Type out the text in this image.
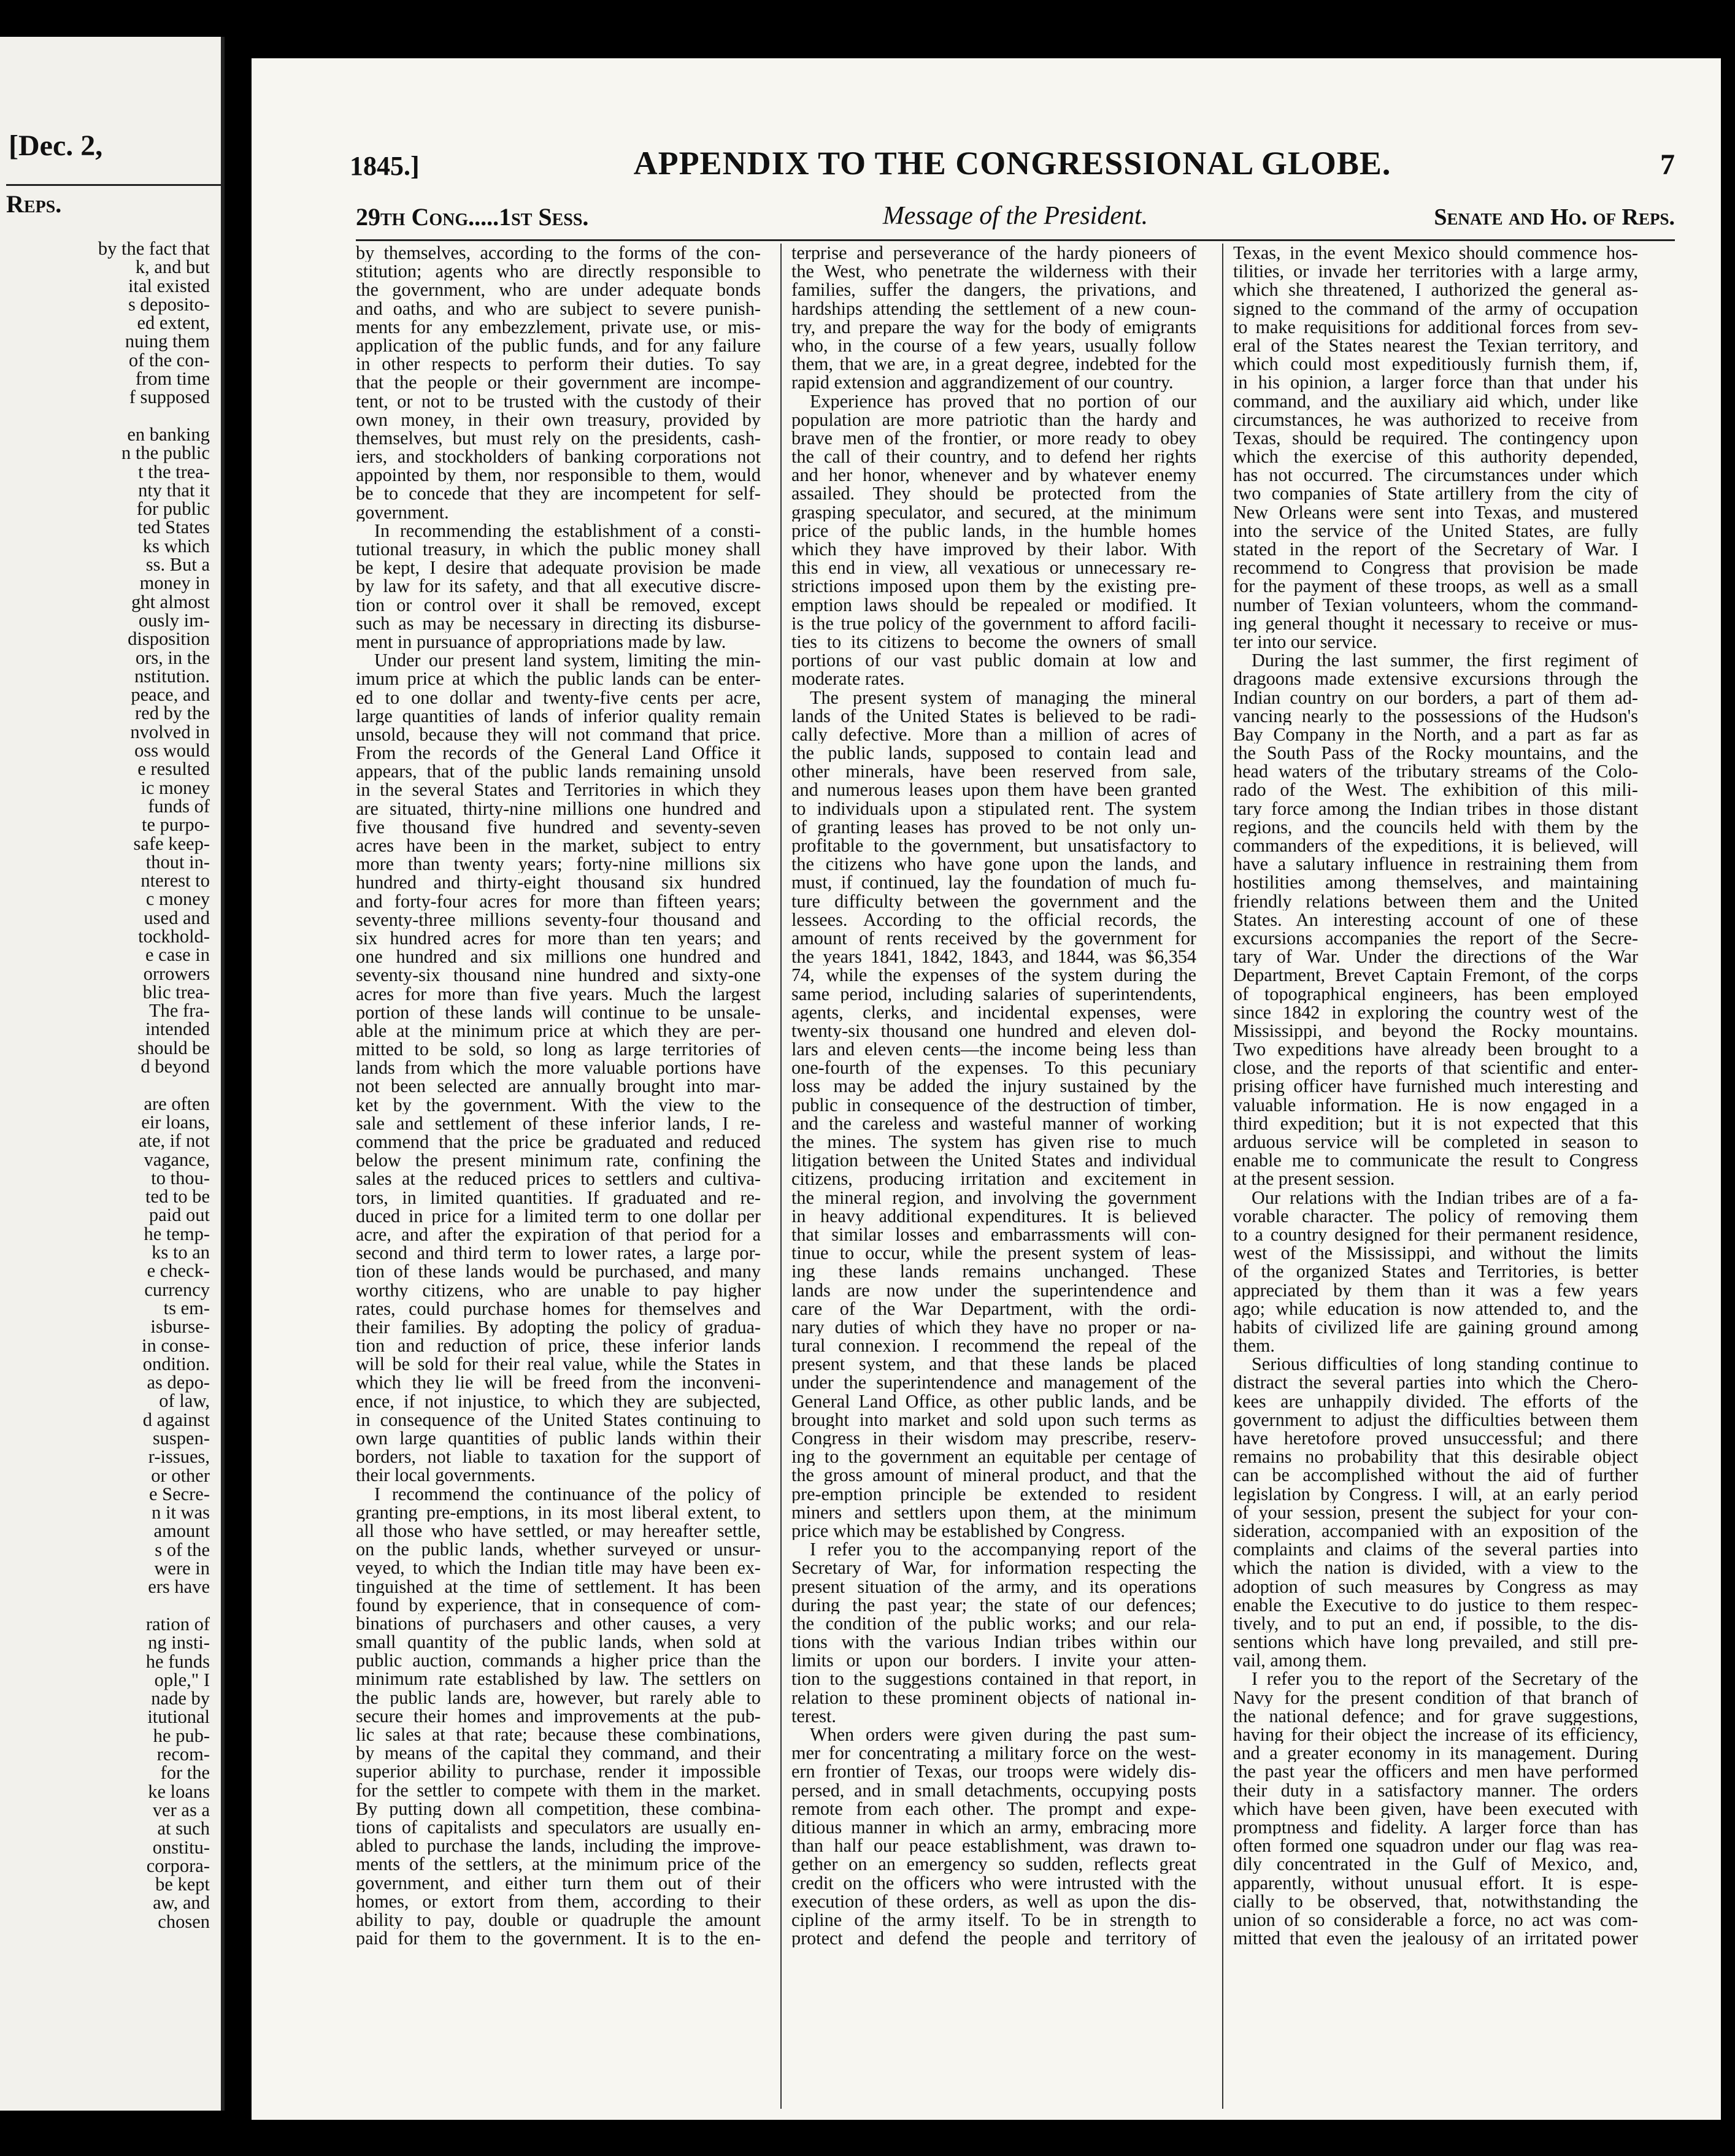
[Dec. 2,
Reps.
by the fact that
k, and but
ital existed
s deposito-
ed extent,
nuing them
of the con-
from time
f supposed
en banking
n the public
t the trea-
nty that it
for public
ted States
ks which
ss. But a
money in
ght almost
ously im-
disposition
ors, in the
nstitution.
peace, and
red by the
nvolved in
oss would
e resulted
ic money
funds of
te purpo-
safe keep-
thout in-
nterest to
c money
used and
tockhold-
e case in
orrowers
blic trea-
The fra-
intended
should be
d beyond
are often
eir loans,
ate, if not
vagance,
to thou-
ted to be
paid out
he temp-
ks to an
e check-
currency
ts em-
isburse-
in conse-
ondition.
as depo-
of law,
d against
suspen-
r-issues,
or other
e Secre-
n it was
amount
s of the
were in
ers have
ration of
ng insti-
he funds
ople," I
nade by
itutional
he pub-
recom-
for the
ke loans
ver as a
at such
onstitu-
corpora-
be kept
aw, and
chosen
1845.]	APPENDIX TO THE CONGRESSIONAL GLOBE.	7
29th Cong.....1st Sess.	Message of the President.	Senate and Ho. of Reps.
by themselves, according to the forms of the con-
stitution; agents who are directly responsible to
the government, who are under adequate bonds
and oaths, and who are subject to severe punish-
ments for any embezzlement, private use, or mis-
application of the public funds, and for any failure
in other respects to perform their duties. To say
that the people or their government are incompe-
tent, or not to be trusted with the custody of their
own money, in their own treasury, provided by
themselves, but must rely on the presidents, cash-
iers, and stockholders of banking corporations not
appointed by them, nor responsible to them, would
be to concede that they are incompetent for self-
government.
In recommending the establishment of a consti-
tutional treasury, in which the public money shall
be kept, I desire that adequate provision be made
by law for its safety, and that all executive discre-
tion or control over it shall be removed, except
such as may be necessary in directing its disburse-
ment in pursuance of appropriations made by law.
Under our present land system, limiting the min-
imum price at which the public lands can be enter-
ed to one dollar and twenty-five cents per acre,
large quantities of lands of inferior quality remain
unsold, because they will not command that price.
From the records of the General Land Office it
appears, that of the public lands remaining unsold
in the several States and Territories in which they
are situated, thirty-nine millions one hundred and
five thousand five hundred and seventy-seven
acres have been in the market, subject to entry
more than twenty years; forty-nine millions six
hundred and thirty-eight thousand six hundred
and forty-four acres for more than fifteen years;
seventy-three millions seventy-four thousand and
six hundred acres for more than ten years; and
one hundred and six millions one hundred and
seventy-six thousand nine hundred and sixty-one
acres for more than five years. Much the largest
portion of these lands will continue to be unsale-
able at the minimum price at which they are per-
mitted to be sold, so long as large territories of
lands from which the more valuable portions have
not been selected are annually brought into mar-
ket by the government. With the view to the
sale and settlement of these inferior lands, I re-
commend that the price be graduated and reduced
below the present minimum rate, confining the
sales at the reduced prices to settlers and cultiva-
tors, in limited quantities. If graduated and re-
duced in price for a limited term to one dollar per
acre, and after the expiration of that period for a
second and third term to lower rates, a large por-
tion of these lands would be purchased, and many
worthy citizens, who are unable to pay higher
rates, could purchase homes for themselves and
their families. By adopting the policy of gradua-
tion and reduction of price, these inferior lands
will be sold for their real value, while the States in
which they lie will be freed from the inconveni-
ence, if not injustice, to which they are subjected,
in consequence of the United States continuing to
own large quantities of public lands within their
borders, not liable to taxation for the support of
their local governments.
I recommend the continuance of the policy of
granting pre-emptions, in its most liberal extent, to
all those who have settled, or may hereafter settle,
on the public lands, whether surveyed or unsur-
veyed, to which the Indian title may have been ex-
tinguished at the time of settlement. It has been
found by experience, that in consequence of com-
binations of purchasers and other causes, a very
small quantity of the public lands, when sold at
public auction, commands a higher price than the
minimum rate established by law. The settlers on
the public lands are, however, but rarely able to
secure their homes and improvements at the pub-
lic sales at that rate; because these combinations,
by means of the capital they command, and their
superior ability to purchase, render it impossible
for the settler to compete with them in the market.
By putting down all competition, these combina-
tions of capitalists and speculators are usually en-
abled to purchase the lands, including the improve-
ments of the settlers, at the minimum price of the
government, and either turn them out of their
homes, or extort from them, according to their
ability to pay, double or quadruple the amount
paid for them to the government. It is to the en-
terprise and perseverance of the hardy pioneers of
the West, who penetrate the wilderness with their
families, suffer the dangers, the privations, and
hardships attending the settlement of a new coun-
try, and prepare the way for the body of emigrants
who, in the course of a few years, usually follow
them, that we are, in a great degree, indebted for the
rapid extension and aggrandizement of our country.
Experience has proved that no portion of our
population are more patriotic than the hardy and
brave men of the frontier, or more ready to obey
the call of their country, and to defend her rights
and her honor, whenever and by whatever enemy
assailed. They should be protected from the
grasping speculator, and secured, at the minimum
price of the public lands, in the humble homes
which they have improved by their labor. With
this end in view, all vexatious or unnecessary re-
strictions imposed upon them by the existing pre-
emption laws should be repealed or modified. It
is the true policy of the government to afford facili-
ties to its citizens to become the owners of small
portions of our vast public domain at low and
moderate rates.
The present system of managing the mineral
lands of the United States is believed to be radi-
cally defective. More than a million of acres of
the public lands, supposed to contain lead and
other minerals, have been reserved from sale,
and numerous leases upon them have been granted
to individuals upon a stipulated rent. The system
of granting leases has proved to be not only un-
profitable to the government, but unsatisfactory to
the citizens who have gone upon the lands, and
must, if continued, lay the foundation of much fu-
ture difficulty between the government and the
lessees. According to the official records, the
amount of rents received by the government for
the years 1841, 1842, 1843, and 1844, was $6,354
74, while the expenses of the system during the
same period, including salaries of superintendents,
agents, clerks, and incidental expenses, were
twenty-six thousand one hundred and eleven dol-
lars and eleven cents—the income being less than
one-fourth of the expenses. To this pecuniary
loss may be added the injury sustained by the
public in consequence of the destruction of timber,
and the careless and wasteful manner of working
the mines. The system has given rise to much
litigation between the United States and individual
citizens, producing irritation and excitement in
the mineral region, and involving the government
in heavy additional expenditures. It is believed
that similar losses and embarrassments will con-
tinue to occur, while the present system of leas-
ing these lands remains unchanged. These
lands are now under the superintendence and
care of the War Department, with the ordi-
nary duties of which they have no proper or na-
tural connexion. I recommend the repeal of the
present system, and that these lands be placed
under the superintendence and management of the
General Land Office, as other public lands, and be
brought into market and sold upon such terms as
Congress in their wisdom may prescribe, reserv-
ing to the government an equitable per centage of
the gross amount of mineral product, and that the
pre-emption principle be extended to resident
miners and settlers upon them, at the minimum
price which may be established by Congress.
I refer you to the accompanying report of the
Secretary of War, for information respecting the
present situation of the army, and its operations
during the past year; the state of our defences;
the condition of the public works; and our rela-
tions with the various Indian tribes within our
limits or upon our borders. I invite your atten-
tion to the suggestions contained in that report, in
relation to these prominent objects of national in-
terest.
When orders were given during the past sum-
mer for concentrating a military force on the west-
ern frontier of Texas, our troops were widely dis-
persed, and in small detachments, occupying posts
remote from each other. The prompt and expe-
ditious manner in which an army, embracing more
than half our peace establishment, was drawn to-
gether on an emergency so sudden, reflects great
credit on the officers who were intrusted with the
execution of these orders, as well as upon the dis-
cipline of the army itself. To be in strength to
protect and defend the people and territory of
Texas, in the event Mexico should commence hos-
tilities, or invade her territories with a large army,
which she threatened, I authorized the general as-
signed to the command of the army of occupation
to make requisitions for additional forces from sev-
eral of the States nearest the Texian territory, and
which could most expeditiously furnish them, if,
in his opinion, a larger force than that under his
command, and the auxiliary aid which, under like
circumstances, he was authorized to receive from
Texas, should be required. The contingency upon
which the exercise of this authority depended,
has not occurred. The circumstances under which
two companies of State artillery from the city of
New Orleans were sent into Texas, and mustered
into the service of the United States, are fully
stated in the report of the Secretary of War. I
recommend to Congress that provision be made
for the payment of these troops, as well as a small
number of Texian volunteers, whom the command-
ing general thought it necessary to receive or mus-
ter into our service.
During the last summer, the first regiment of
dragoons made extensive excursions through the
Indian country on our borders, a part of them ad-
vancing nearly to the possessions of the Hudson's
Bay Company in the North, and a part as far as
the South Pass of the Rocky mountains, and the
head waters of the tributary streams of the Colo-
rado of the West. The exhibition of this mili-
tary force among the Indian tribes in those distant
regions, and the councils held with them by the
commanders of the expeditions, it is believed, will
have a salutary influence in restraining them from
hostilities among themselves, and maintaining
friendly relations between them and the United
States. An interesting account of one of these
excursions accompanies the report of the Secre-
tary of War. Under the directions of the War
Department, Brevet Captain Fremont, of the corps
of topographical engineers, has been employed
since 1842 in exploring the country west of the
Mississippi, and beyond the Rocky mountains.
Two expeditions have already been brought to a
close, and the reports of that scientific and enter-
prising officer have furnished much interesting and
valuable information. He is now engaged in a
third expedition; but it is not expected that this
arduous service will be completed in season to
enable me to communicate the result to Congress
at the present session.
Our relations with the Indian tribes are of a fa-
vorable character. The policy of removing them
to a country designed for their permanent residence,
west of the Mississippi, and without the limits
of the organized States and Territories, is better
appreciated by them than it was a few years
ago; while education is now attended to, and the
habits of civilized life are gaining ground among
them.
Serious difficulties of long standing continue to
distract the several parties into which the Chero-
kees are unhappily divided. The efforts of the
government to adjust the difficulties between them
have heretofore proved unsuccessful; and there
remains no probability that this desirable object
can be accomplished without the aid of further
legislation by Congress. I will, at an early period
of your session, present the subject for your con-
sideration, accompanied with an exposition of the
complaints and claims of the several parties into
which the nation is divided, with a view to the
adoption of such measures by Congress as may
enable the Executive to do justice to them respec-
tively, and to put an end, if possible, to the dis-
sentions which have long prevailed, and still pre-
vail, among them.
I refer you to the report of the Secretary of the
Navy for the present condition of that branch of
the national defence; and for grave suggestions,
having for their object the increase of its efficiency,
and a greater economy in its management. During
the past year the officers and men have performed
their duty in a satisfactory manner. The orders
which have been given, have been executed with
promptness and fidelity. A larger force than has
often formed one squadron under our flag was rea-
dily concentrated in the Gulf of Mexico, and,
apparently, without unusual effort. It is espe-
cially to be observed, that, notwithstanding the
union of so considerable a force, no act was com-
mitted that even the jealousy of an irritated power
